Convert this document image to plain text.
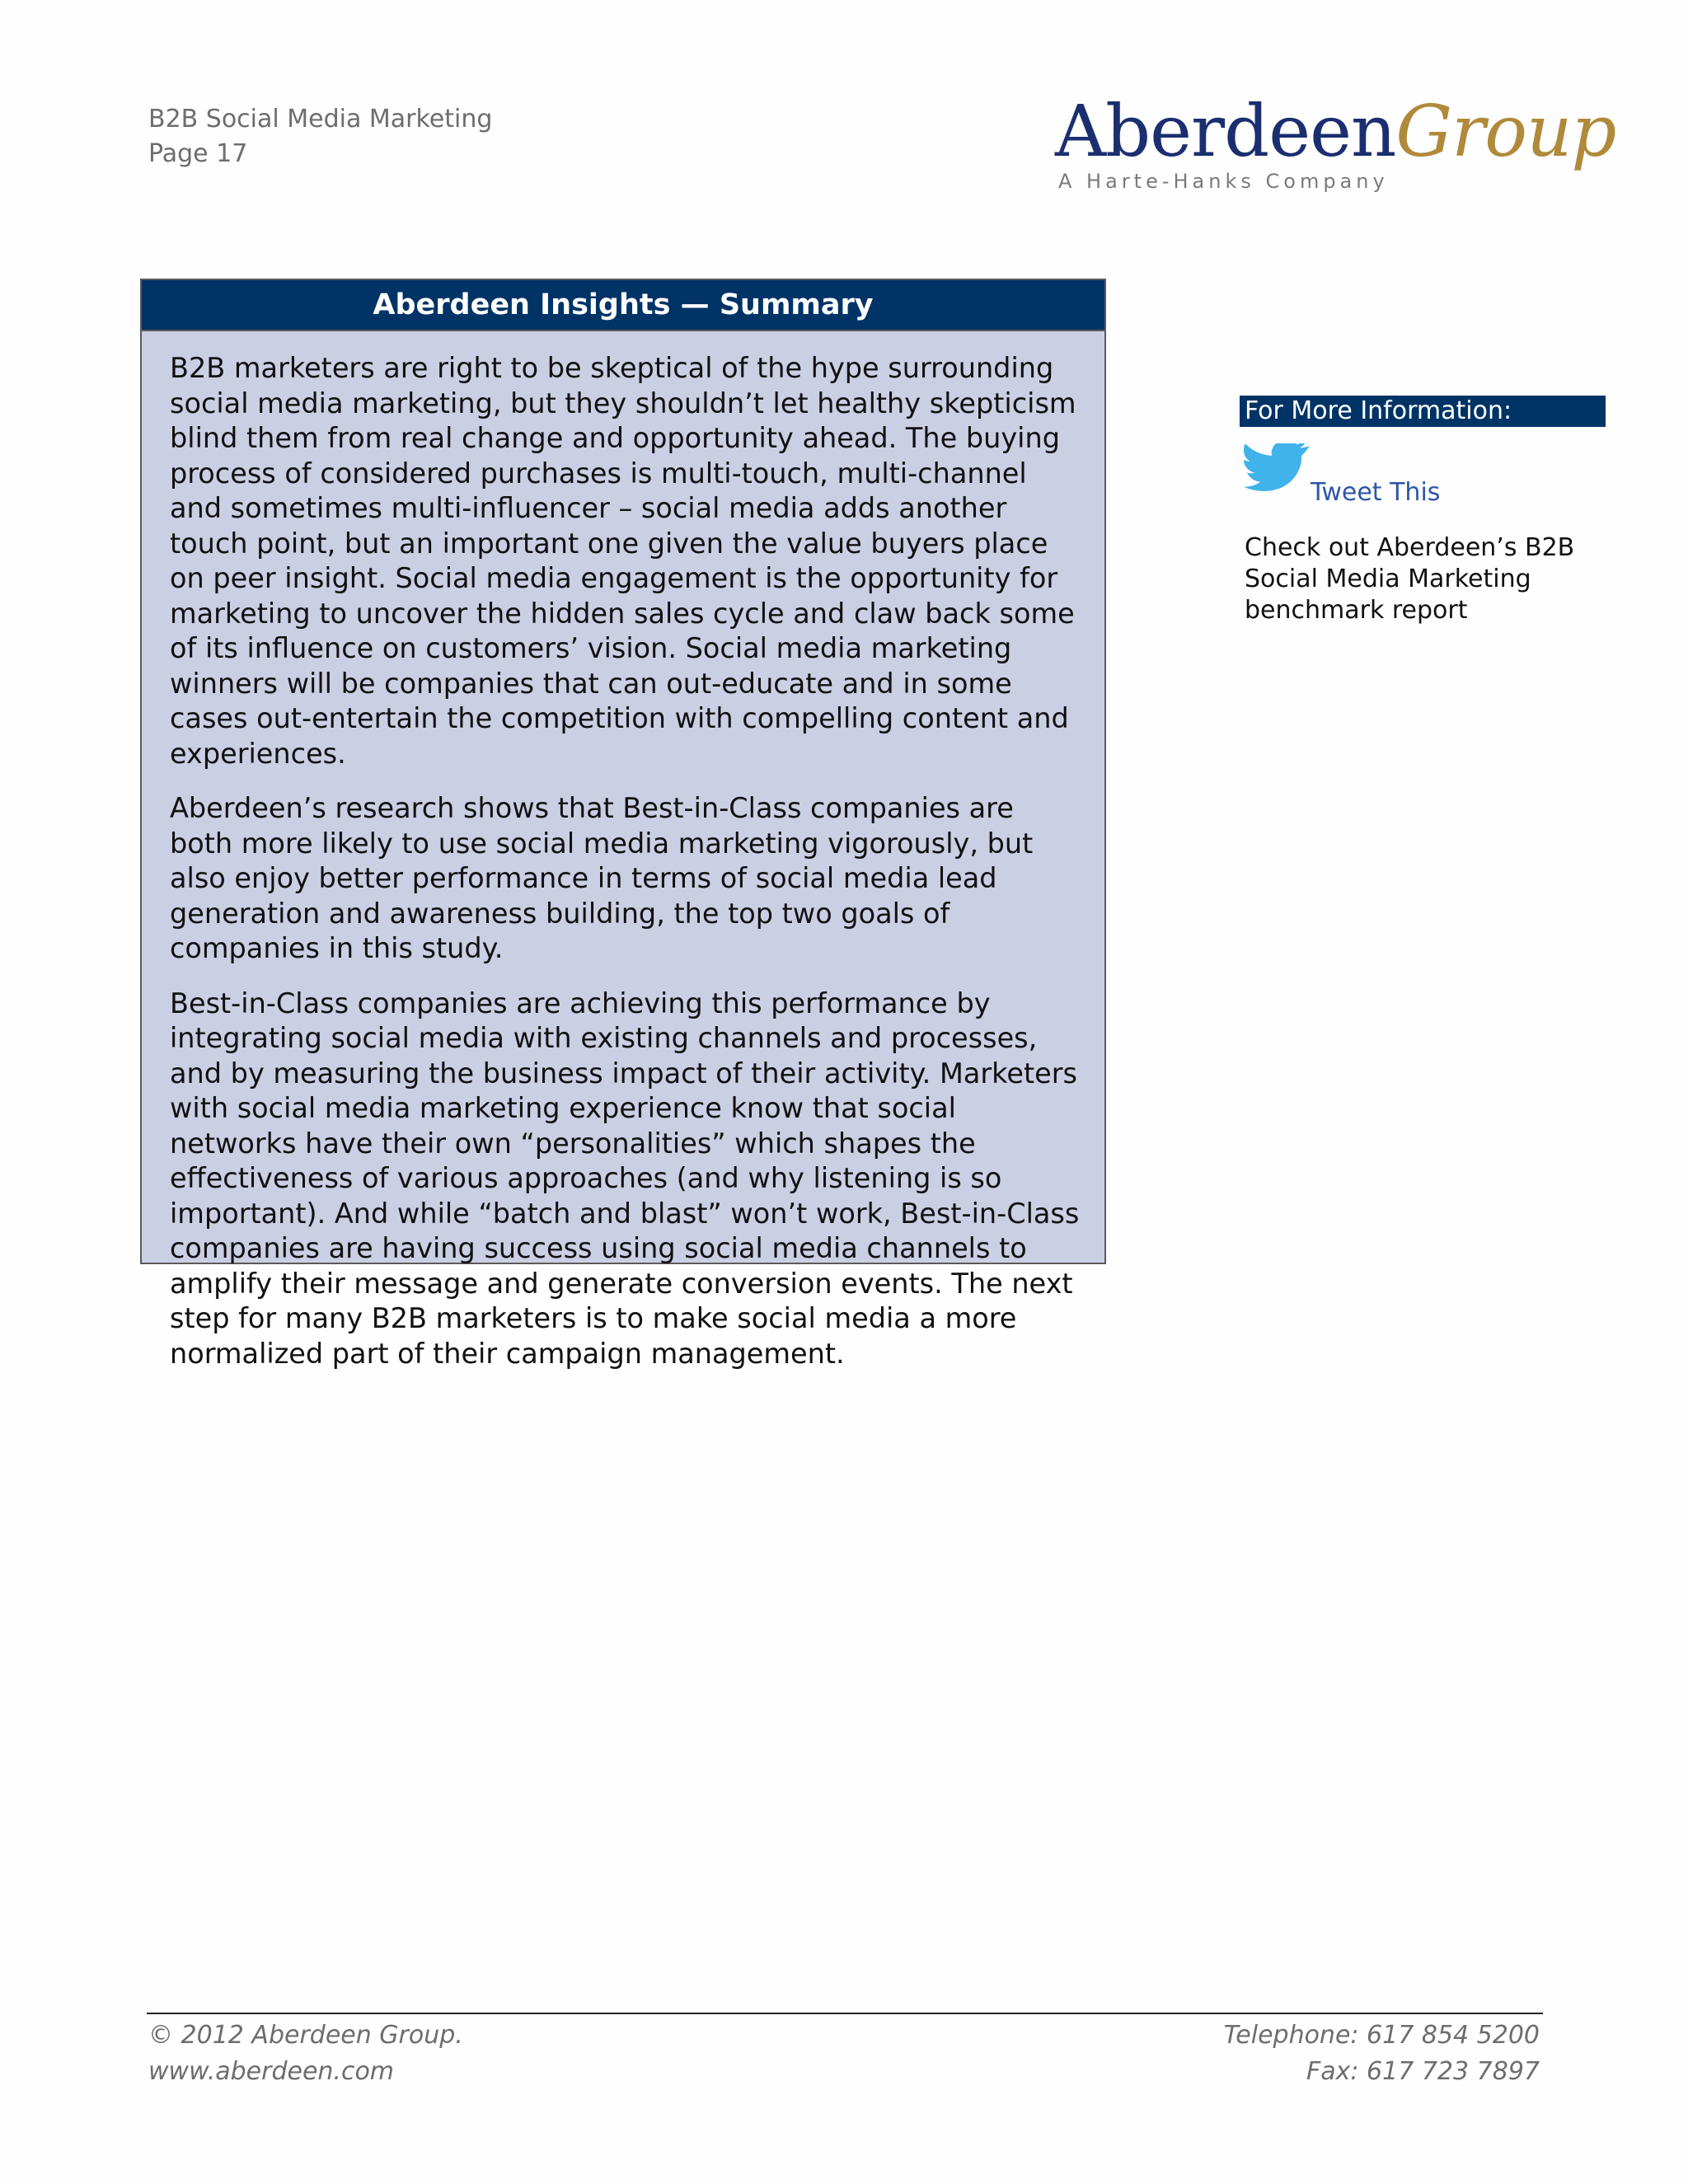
B2B Social Media Marketing
Page 17	AberdeenGroup
A Harte-Hanks Company
Aberdeen Insights — Summary

B2B marketers are right to be skeptical of the hype surrounding social media marketing, but they shouldn’t let healthy skepticism blind them from real change and opportunity ahead. The buying process of considered purchases is multi-touch, multi-channel and sometimes multi-influencer – social media adds another touch point, but an important one given the value buyers place on peer insight. Social media engagement is the opportunity for marketing to uncover the hidden sales cycle and claw back some of its influence on customers’ vision. Social media marketing winners will be companies that can out-educate and in some cases out-entertain the competition with compelling content and experiences.

Aberdeen’s research shows that Best-in-Class companies are both more likely to use social media marketing vigorously, but also enjoy better performance in terms of social media lead generation and awareness building, the top two goals of companies in this study.

Best-in-Class companies are achieving this performance by integrating social media with existing channels and processes, and by measuring the business impact of their activity. Marketers with social media marketing experience know that social networks have their own “personalities” which shapes the effectiveness of various approaches (and why listening is so important). And while “batch and blast” won’t work, Best-in-Class companies are having success using social media channels to amplify their message and generate conversion events. The next step for many B2B marketers is to make social media a more normalized part of their campaign management.

For More Information:
Tweet This
Check out Aberdeen’s B2B Social Media Marketing benchmark report
© 2012 Aberdeen Group.
www.aberdeen.com
Telephone: 617 854 5200
Fax: 617 723 7897
